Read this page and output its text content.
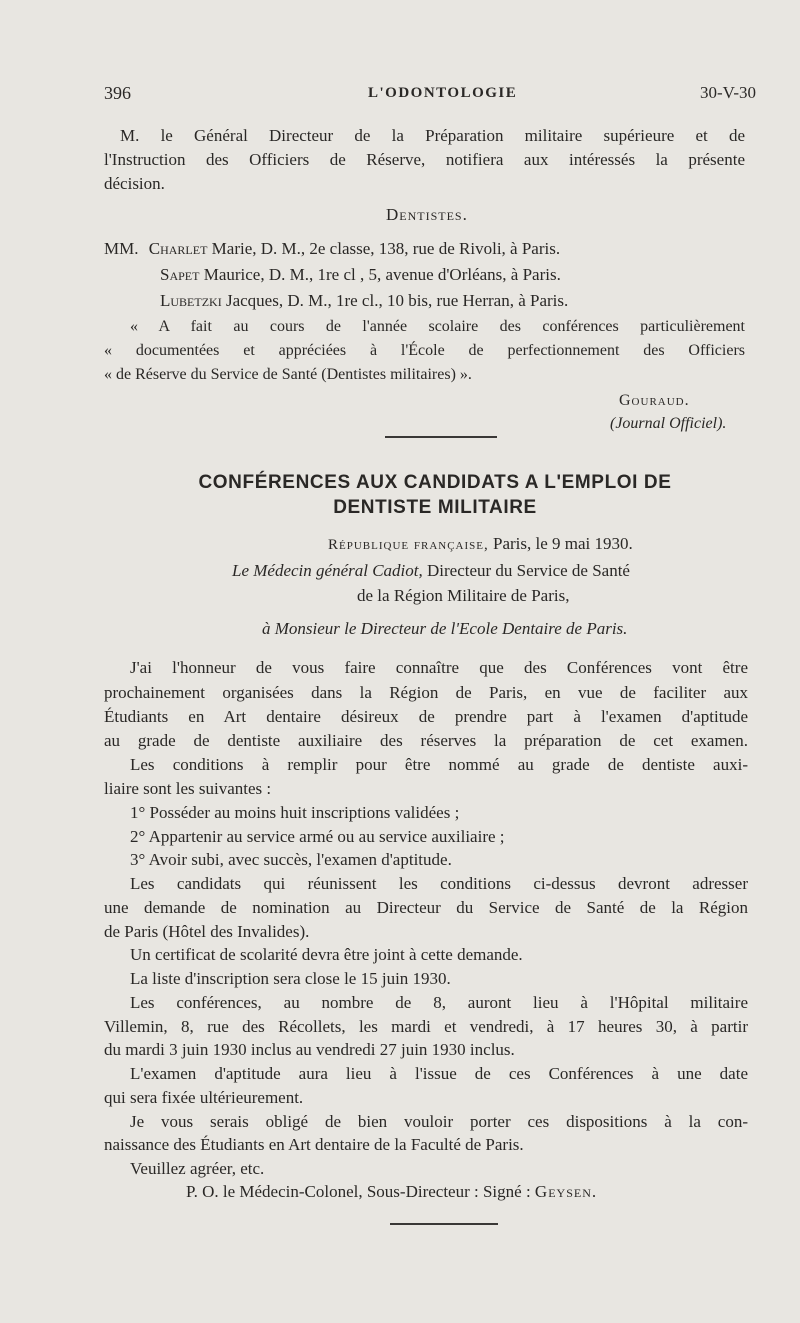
396	L'ODONTOLOGIE	30-V-30
M. le Général Directeur de la Préparation militaire supérieure et de
l'Instruction des Officiers de Réserve, notifiera aux intéressés la présente
décision.
Dentistes.
MM. Charlet Marie, D. M., 2e classe, 138, rue de Rivoli, à Paris.
Sapet Maurice, D. M., 1re cl , 5, avenue d'Orléans, à Paris.
Lubetzki Jacques, D. M., 1re cl., 10 bis, rue Herran, à Paris.
« A fait au cours de l'année scolaire des conférences particulièrement
« documentées et appréciées à l'École de perfectionnement des Officiers
« de Réserve du Service de Santé (Dentistes militaires) ».
Gouraud.
(Journal Officiel).
CONFÉRENCES AUX CANDIDATS A L'EMPLOI DE
DENTISTE MILITAIRE
République française, Paris, le 9 mai 1930.
Le Médecin général Cadiot, Directeur du Service de Santé
de la Région Militaire de Paris,
à Monsieur le Directeur de l'Ecole Dentaire de Paris.
J'ai l'honneur de vous faire connaître que des Conférences vont être
prochainement organisées dans la Région de Paris, en vue de faciliter aux
Étudiants en Art dentaire désireux de prendre part à l'examen d'aptitude
au grade de dentiste auxiliaire des réserves la préparation de cet examen.
Les conditions à remplir pour être nommé au grade de dentiste auxi-
liaire sont les suivantes :
1° Posséder au moins huit inscriptions validées ;
2° Appartenir au service armé ou au service auxiliaire ;
3° Avoir subi, avec succès, l'examen d'aptitude.
Les candidats qui réunissent les conditions ci-dessus devront adresser
une demande de nomination au Directeur du Service de Santé de la Région
de Paris (Hôtel des Invalides).
Un certificat de scolarité devra être joint à cette demande.
La liste d'inscription sera close le 15 juin 1930.
Les conférences, au nombre de 8, auront lieu à l'Hôpital militaire
Villemin, 8, rue des Récollets, les mardi et vendredi, à 17 heures 30, à partir
du mardi 3 juin 1930 inclus au vendredi 27 juin 1930 inclus.
L'examen d'aptitude aura lieu à l'issue de ces Conférences à une date
qui sera fixée ultérieurement.
Je vous serais obligé de bien vouloir porter ces dispositions à la con-
naissance des Étudiants en Art dentaire de la Faculté de Paris.
Veuillez agréer, etc.
P. O. le Médecin-Colonel, Sous-Directeur : Signé : Geysen.
